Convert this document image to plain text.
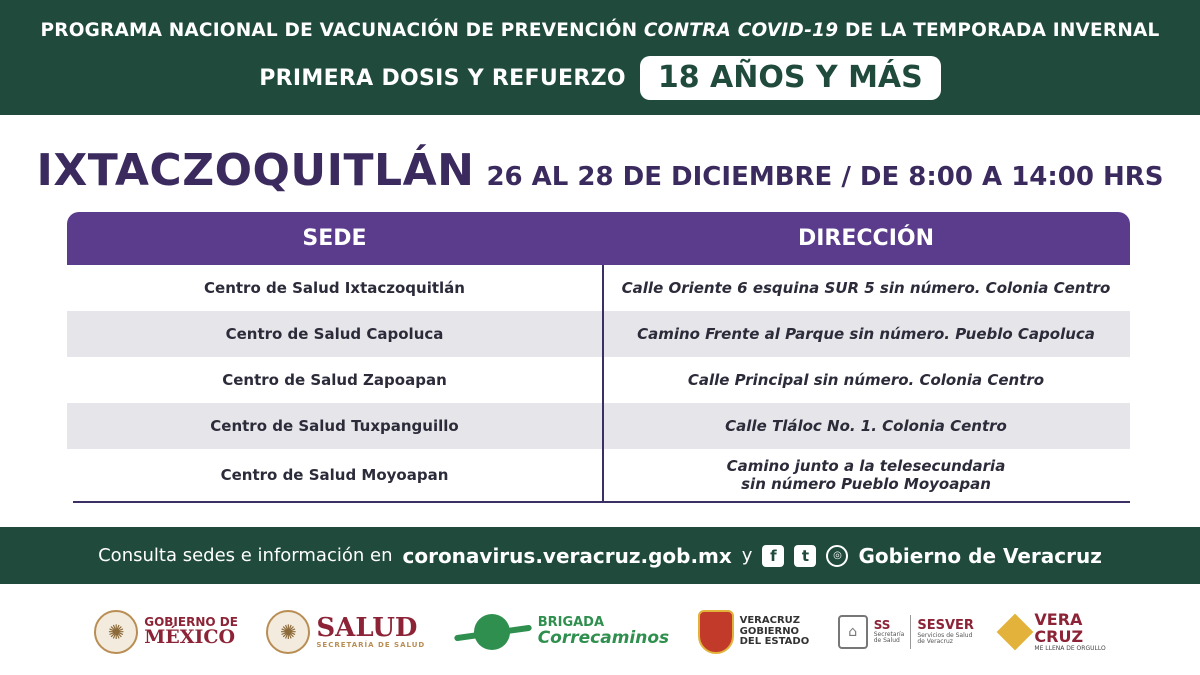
PROGRAMA NACIONAL DE VACUNACIÓN DE PREVENCIÓN CONTRA COVID-19 DE LA TEMPORADA INVERNAL
PRIMERA DOSIS Y REFUERZO	18 AÑOS Y MÁS
IXTACZOQUITLÁN 26 AL 28 DE DICIEMBRE / DE 8:00 A 14:00 HRS
SEDE	DIRECCIÓN
Centro de Salud Ixtaczoquitlán	Calle Oriente 6 esquina SUR 5 sin número. Colonia Centro
Centro de Salud Capoluca	Camino Frente al Parque sin número. Pueblo Capoluca
Centro de Salud Zapoapan	Calle Principal sin número. Colonia Centro
Centro de Salud Tuxpanguillo	Calle Tláloc No. 1. Colonia Centro
Centro de Salud Moyoapan	Camino junto a la telesecundaria
sin número Pueblo Moyoapan
Consulta sedes e información en coronavirus.veracruz.gob.mx y	f	t	◎ Gobierno de Veracruz
✺	GOBIERNO DE
MÉXICO	✺ SALUD
SECRETARÍA DE SALUD
BRIGADA
Correcaminos
VERACRUZ
GOBIERNO
DEL ESTADO
⌂	SS
Secretaría
de Salud
SESVER
Servicios de Salud
de Veracruz
VERA
CRUZ
ME LLENA DE ORGULLO
